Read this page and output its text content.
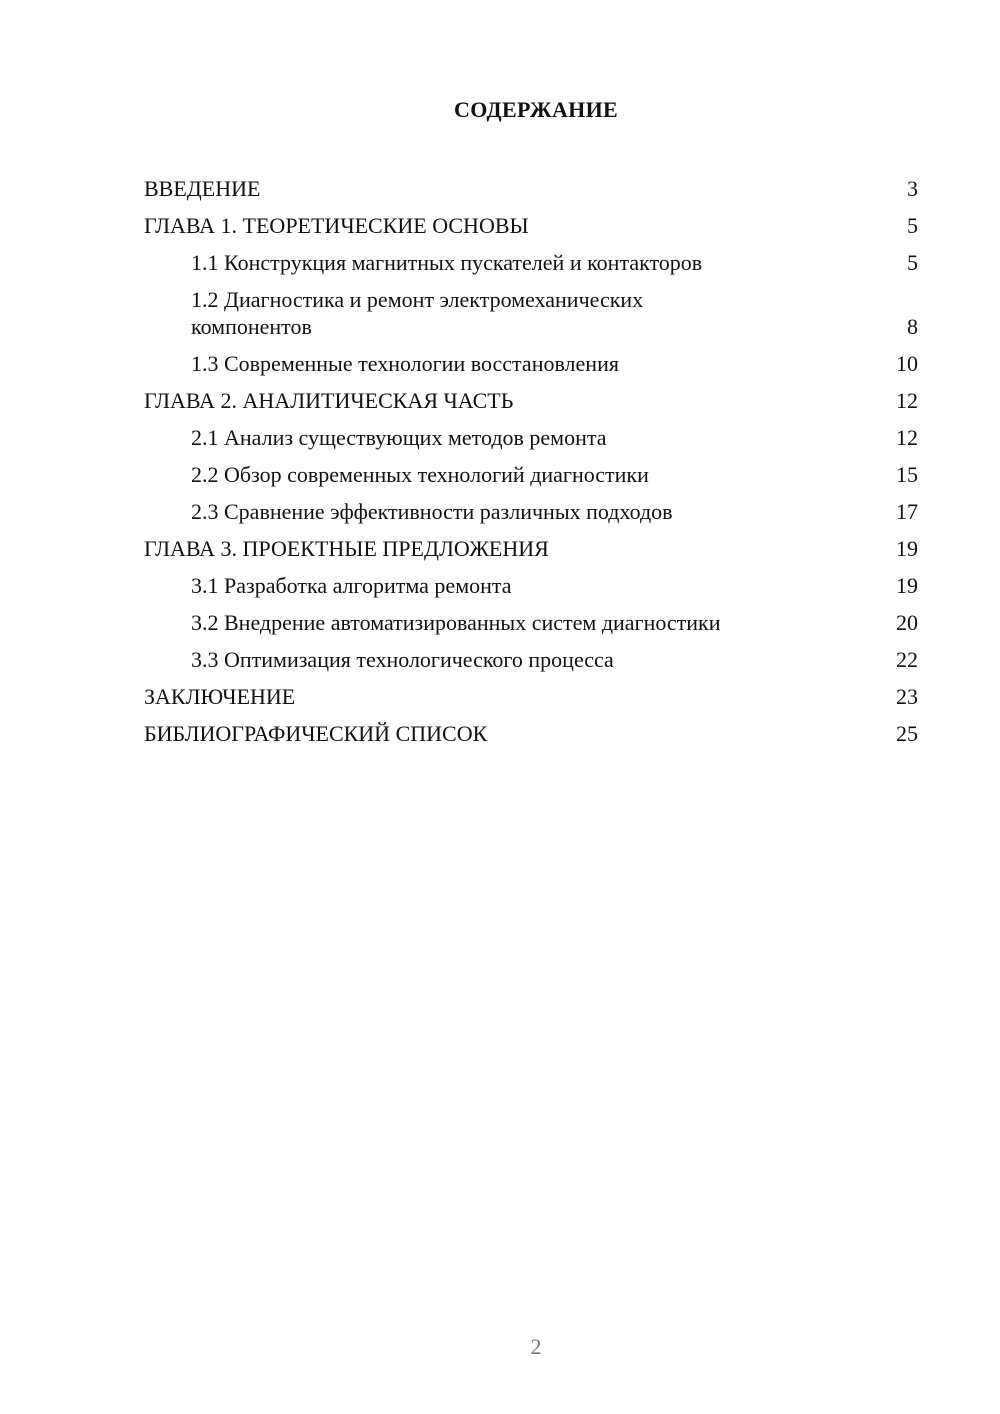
СОДЕРЖАНИЕ
ВВЕДЕНИЕ	3
ГЛАВА 1. ТЕОРЕТИЧЕСКИЕ ОСНОВЫ	5
1.1 Конструкция магнитных пускателей и контакторов	5
1.2 Диагностика и ремонт электромеханических компонентов	8
1.3 Современные технологии восстановления	10
ГЛАВА 2. АНАЛИТИЧЕСКАЯ ЧАСТЬ	12
2.1 Анализ существующих методов ремонта	12
2.2 Обзор современных технологий диагностики	15
2.3 Сравнение эффективности различных подходов	17
ГЛАВА 3. ПРОЕКТНЫЕ ПРЕДЛОЖЕНИЯ	19
3.1 Разработка алгоритма ремонта	19
3.2 Внедрение автоматизированных систем диагностики	20
3.3 Оптимизация технологического процесса	22
ЗАКЛЮЧЕНИЕ	23
БИБЛИОГРАФИЧЕСКИЙ СПИСОК	25
2
